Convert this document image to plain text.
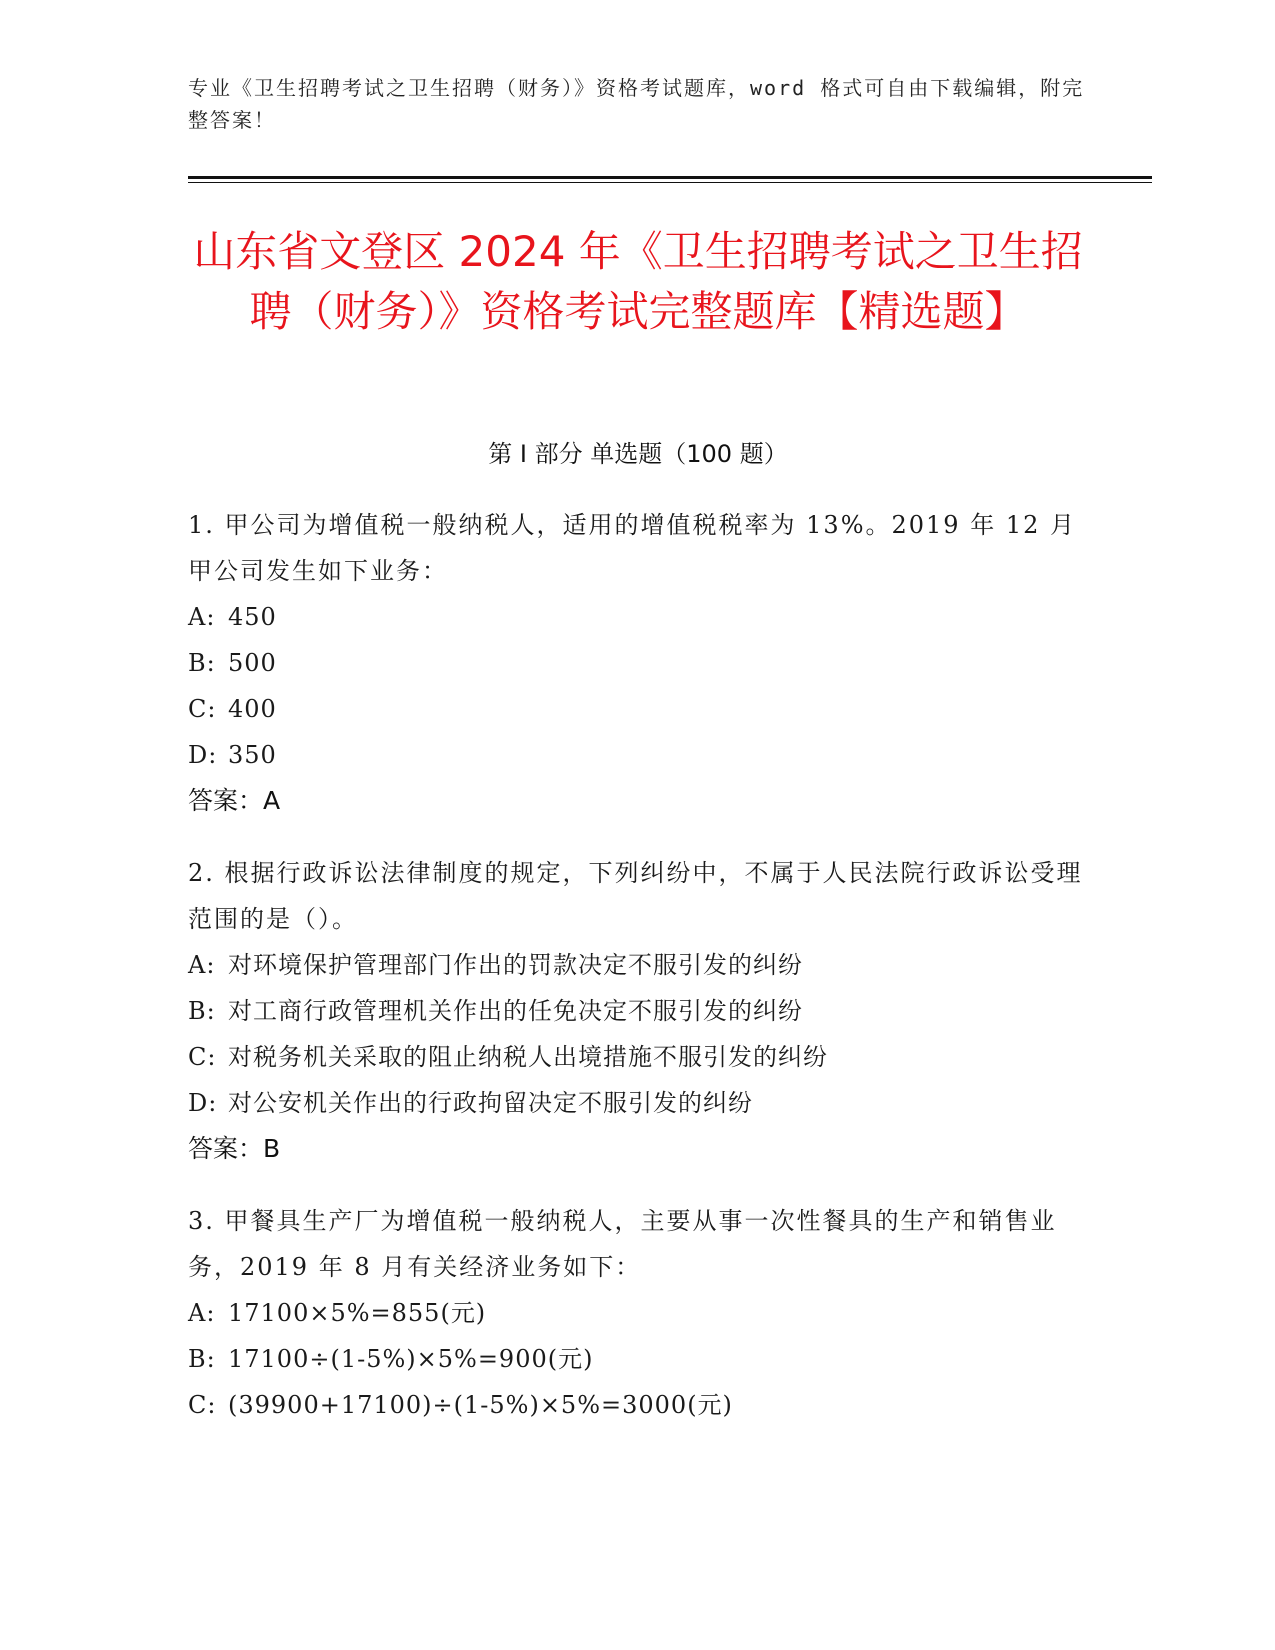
专业《卫生招聘考试之卫生招聘（财务）》资格考试题库，word 格式可自由下载编辑，附完整答案！
山东省文登区 2024 年《卫生招聘考试之卫生招聘（财务）》资格考试完整题库【精选题】
第 I 部分 单选题（100 题）
1. 甲公司为增值税一般纳税人，适用的增值税税率为 13%。2019 年 12 月甲公司发生如下业务：
A: 450
B: 500
C: 400
D: 350
答案：A
2. 根据行政诉讼法律制度的规定，下列纠纷中，不属于人民法院行政诉讼受理范围的是（）。
A: 对环境保护管理部门作出的罚款决定不服引发的纠纷
B: 对工商行政管理机关作出的任免决定不服引发的纠纷
C: 对税务机关采取的阻止纳税人出境措施不服引发的纠纷
D: 对公安机关作出的行政拘留决定不服引发的纠纷
答案：B
3. 甲餐具生产厂为增值税一般纳税人，主要从事一次性餐具的生产和销售业务，2019 年 8 月有关经济业务如下：
A: 17100×5%=855(元)
B: 17100÷(1-5%)×5%=900(元)
C: (39900+17100)÷(1-5%)×5%=3000(元)
